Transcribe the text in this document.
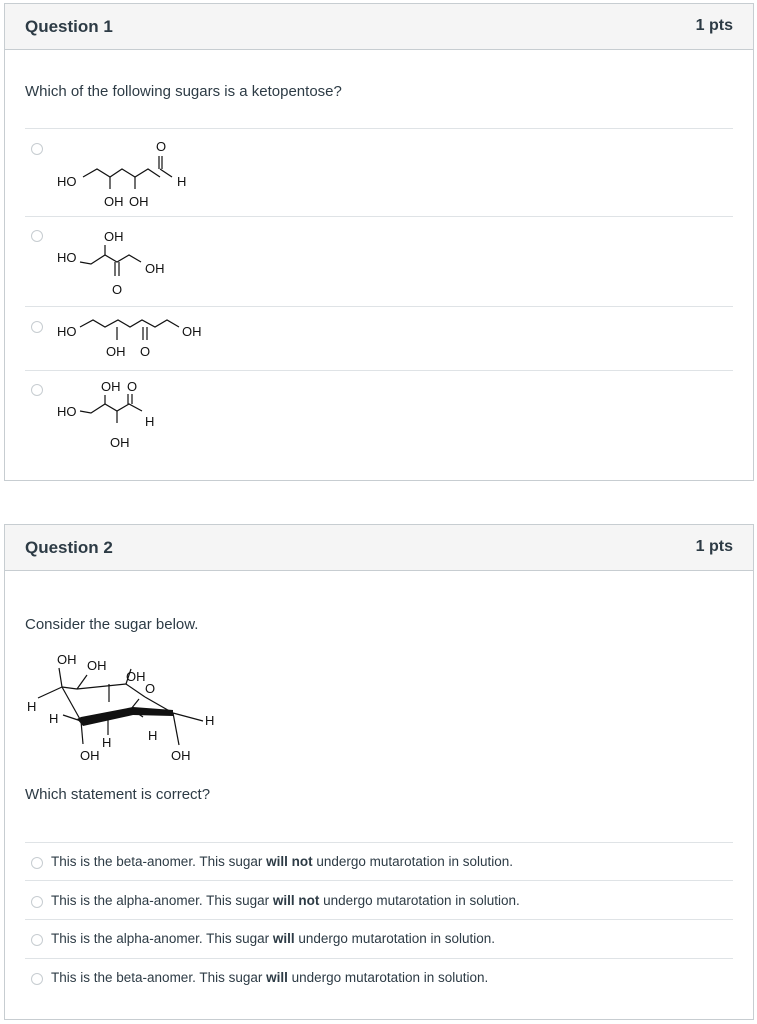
Question 1	1 pts
Which of the following sugars is a ketopentose?
HO
OH OH
O
H
HO
OH
O
OH
HO
OH O
OH
HO
OH O
H
OH
Question 2	1 pts
Consider the sugar below.
OH OH
OH
O
H
H
H	H
H
OH	OH
Which statement is correct?
This is the beta-anomer. This sugar will not undergo mutarotation in solution.
This is the alpha-anomer. This sugar will not undergo mutarotation in solution.
This is the alpha-anomer. This sugar will undergo mutarotation in solution.
This is the beta-anomer. This sugar will undergo mutarotation in solution.
